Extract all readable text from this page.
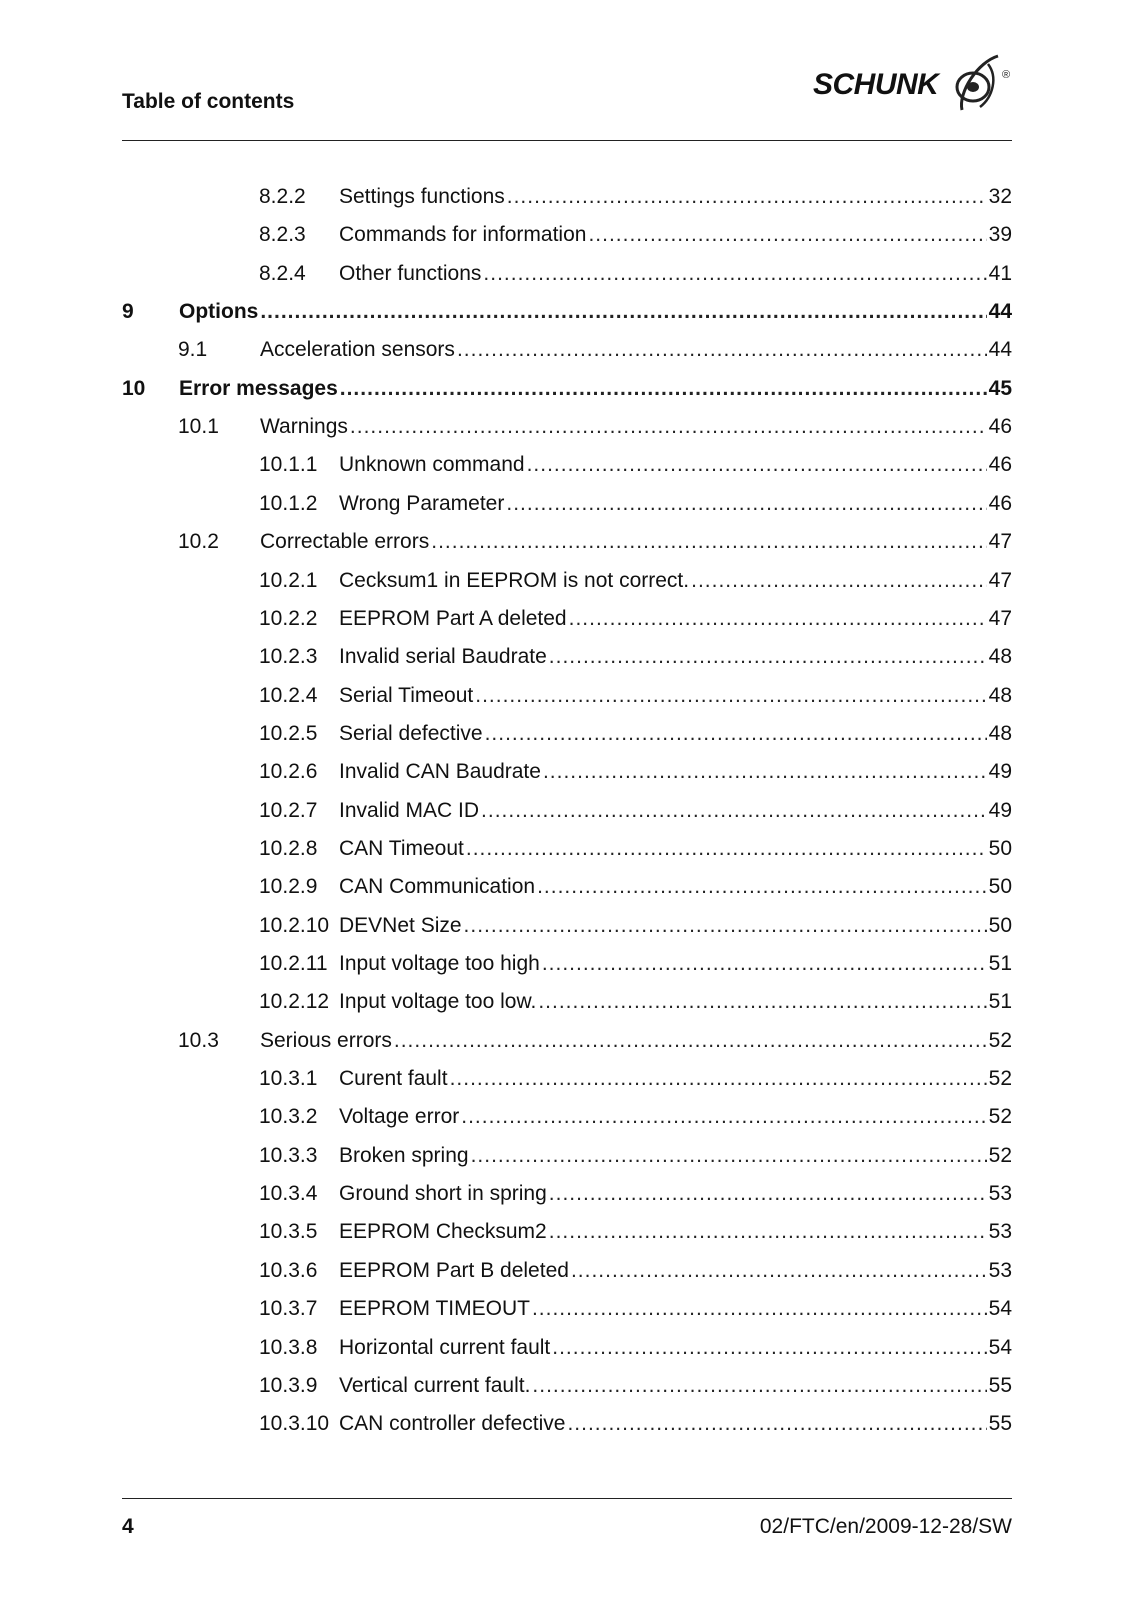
Table of contents
SCHUNK	®
8.2.2	Settings functions .....	32
8.2.3	Commands for information .....	39
8.2.4	Other functions .....	41
9	Options .....	44
9.1	Acceleration sensors .....	44
10	Error messages .....	45
10.1	Warnings .....	46
10.1.1	Unknown command .....	46
10.1.2	Wrong Parameter .....	46
10.2	Correctable errors .....	47
10.2.1	Cecksum1 in EEPROM is not correct. .....	47
10.2.2	EEPROM Part A deleted .....	47
10.2.3	Invalid serial Baudrate .....	48
10.2.4	Serial Timeout .....	48
10.2.5	Serial defective .....	48
10.2.6	Invalid CAN Baudrate .....	49
10.2.7	Invalid MAC ID .....	49
10.2.8	CAN Timeout .....	50
10.2.9	CAN Communication .....	50
10.2.10 DEVNet Size .....	50
10.2.11 Input voltage too high .....	51
10.2.12 Input voltage too low. .....	51
10.3	Serious errors .....	52
10.3.1	Curent fault .....	52
10.3.2	Voltage error .....	52
10.3.3	Broken spring .....	52
10.3.4	Ground short in spring .....	53
10.3.5	EEPROM Checksum2 .....	53
10.3.6	EEPROM Part B deleted .....	53
10.3.7	EEPROM TIMEOUT .....	54
10.3.8	Horizontal current fault .....	54
10.3.9	Vertical current fault. .....	55
10.3.10 CAN controller defective .....	55
4	02/FTC/en/2009-12-28/SW
